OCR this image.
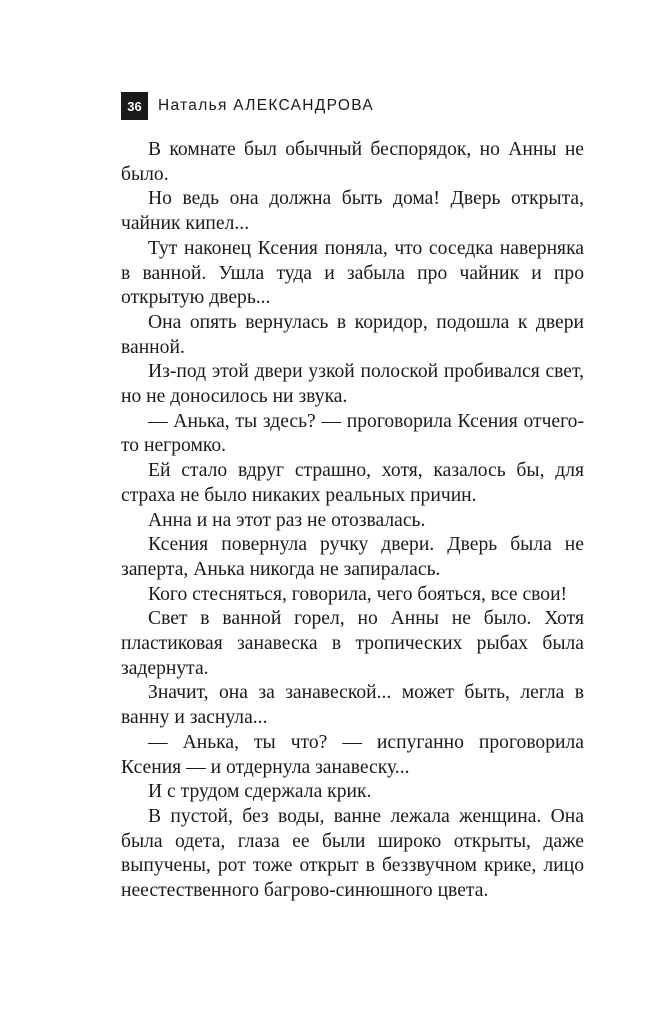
36	Наталья АЛЕКСАНДРОВА

В комнате был обычный беспорядок, но Анны не было.

Но ведь она должна быть дома! Дверь открыта, чайник кипел...

Тут наконец Ксения поняла, что соседка наверняка в ванной. Ушла туда и забыла про чайник и про открытую дверь...

Она опять вернулась в коридор, подошла к двери ванной.

Из-под этой двери узкой полоской пробивался свет, но не доносилось ни звука.

— Анька, ты здесь? — проговорила Ксения отчего-то негромко.

Ей стало вдруг страшно, хотя, казалось бы, для страха не было никаких реальных причин.

Анна и на этот раз не отозвалась.

Ксения повернула ручку двери. Дверь была не заперта, Анька никогда не запиралась.

Кого стесняться, говорила, чего бояться, все свои!

Свет в ванной горел, но Анны не было. Хотя пластиковая занавеска в тропических рыбах была задернута.

Значит, она за занавеской... может быть, легла в ванну и заснула...

— Анька, ты что? — испуганно проговорила Ксения — и отдернула занавеску...

И с трудом сдержала крик.

В пустой, без воды, ванне лежала женщина. Она была одета, глаза ее были широко открыты, даже выпучены, рот тоже открыт в беззвучном крике, лицо неестественного багрово-синюшного цвета.
